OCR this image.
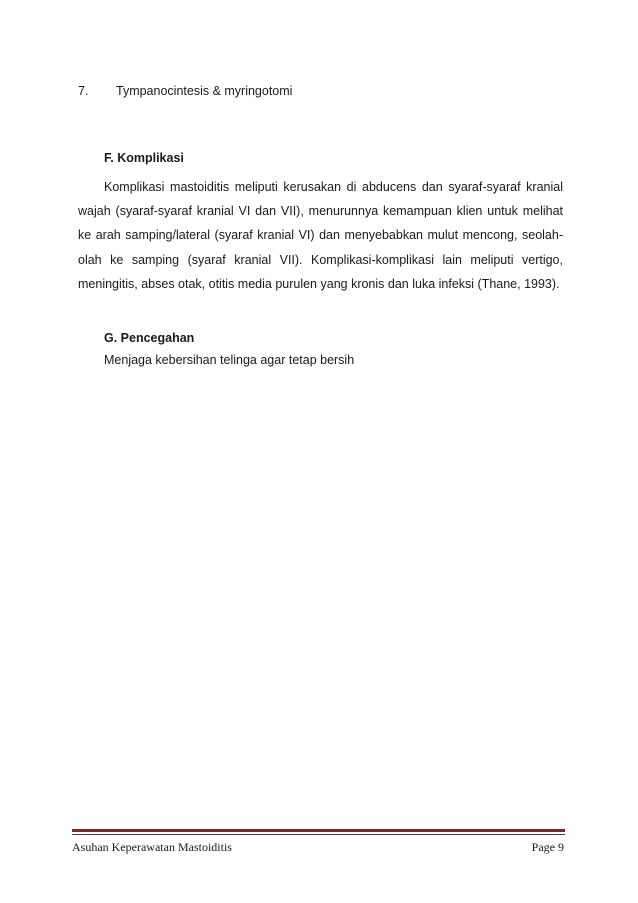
7. Tympanocintesis & myringotomi
F. Komplikasi

Komplikasi mastoiditis meliputi kerusakan di abducens dan syaraf-syaraf kranial wajah (syaraf-syaraf kranial VI dan VII), menurunnya kemampuan klien untuk melihat ke arah samping/lateral (syaraf kranial VI) dan menyebabkan mulut mencong, seolah-olah ke samping (syaraf kranial VII). Komplikasi-komplikasi lain meliputi vertigo, meningitis, abses otak, otitis media purulen yang kronis dan luka infeksi (Thane, 1993).

G. Pencegahan
Menjaga kebersihan telinga agar tetap bersih
Asuhan Keperawatan Mastoiditis	Page 9
